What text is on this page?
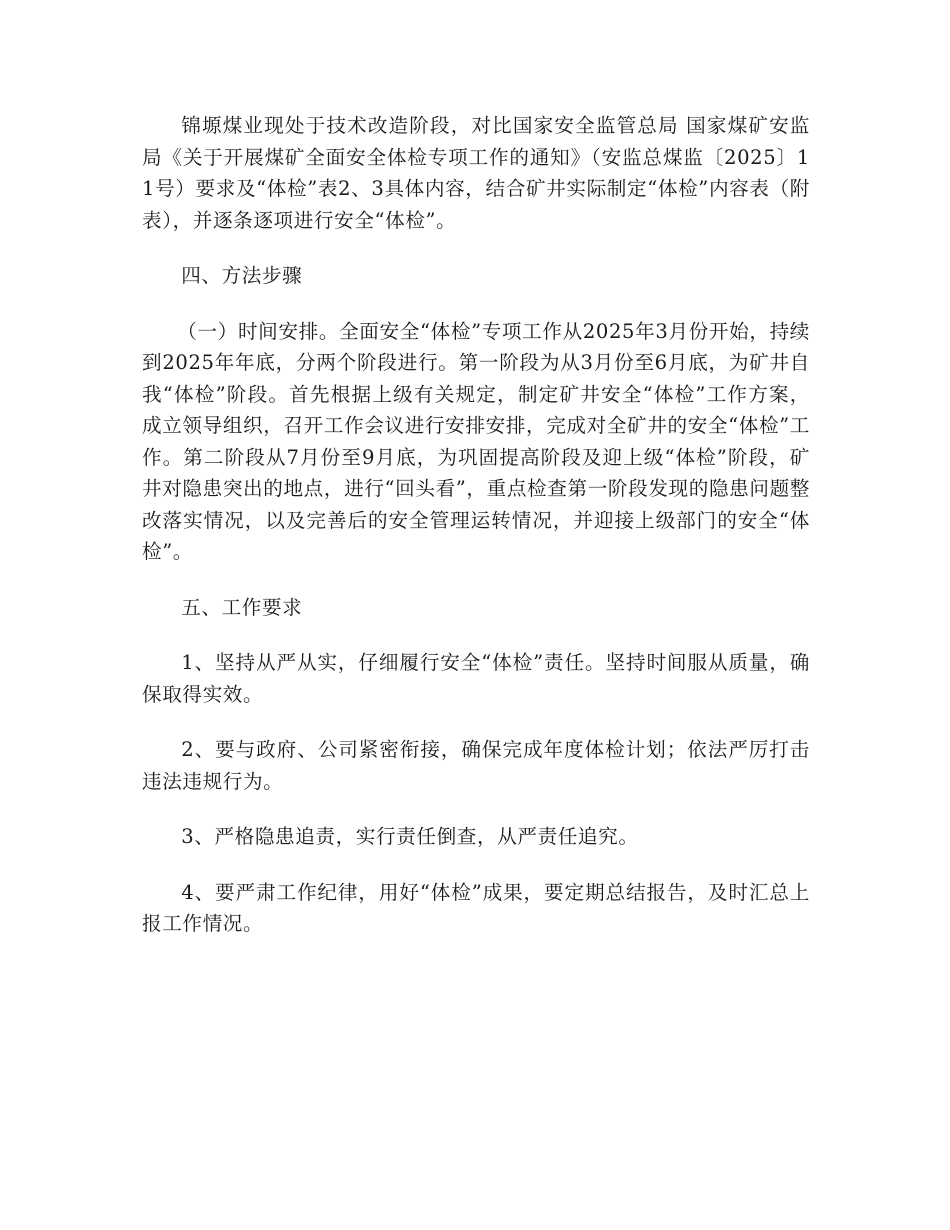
锦塬煤业现处于技术改造阶段，对比国家安全监管总局 国家煤矿安监局《关于开展煤矿全面安全体检专项工作的通知》（安监总煤监〔2025〕11号）要求及“体检”表2、3具体内容，结合矿井实际制定“体检”内容表（附表），并逐条逐项进行安全“体检”。

四、方法步骤

（一）时间安排。全面安全“体检”专项工作从2025年3月份开始，持续到2025年年底，分两个阶段进行。第一阶段为从3月份至6月底，为矿井自我“体检”阶段。首先根据上级有关规定，制定矿井安全“体检”工作方案，成立领导组织，召开工作会议进行安排安排，完成对全矿井的安全“体检”工作。第二阶段从7月份至9月底，为巩固提高阶段及迎上级“体检”阶段，矿井对隐患突出的地点，进行“回头看”，重点检查第一阶段发现的隐患问题整改落实情况，以及完善后的安全管理运转情况，并迎接上级部门的安全“体检”。

五、工作要求

1、坚持从严从实，仔细履行安全“体检”责任。坚持时间服从质量，确保取得实效。

2、要与政府、公司紧密衔接，确保完成年度体检计划；依法严厉打击违法违规行为。

3、严格隐患追责，实行责任倒查，从严责任追究。

4、要严肃工作纪律，用好“体检”成果，要定期总结报告，及时汇总上报工作情况。
